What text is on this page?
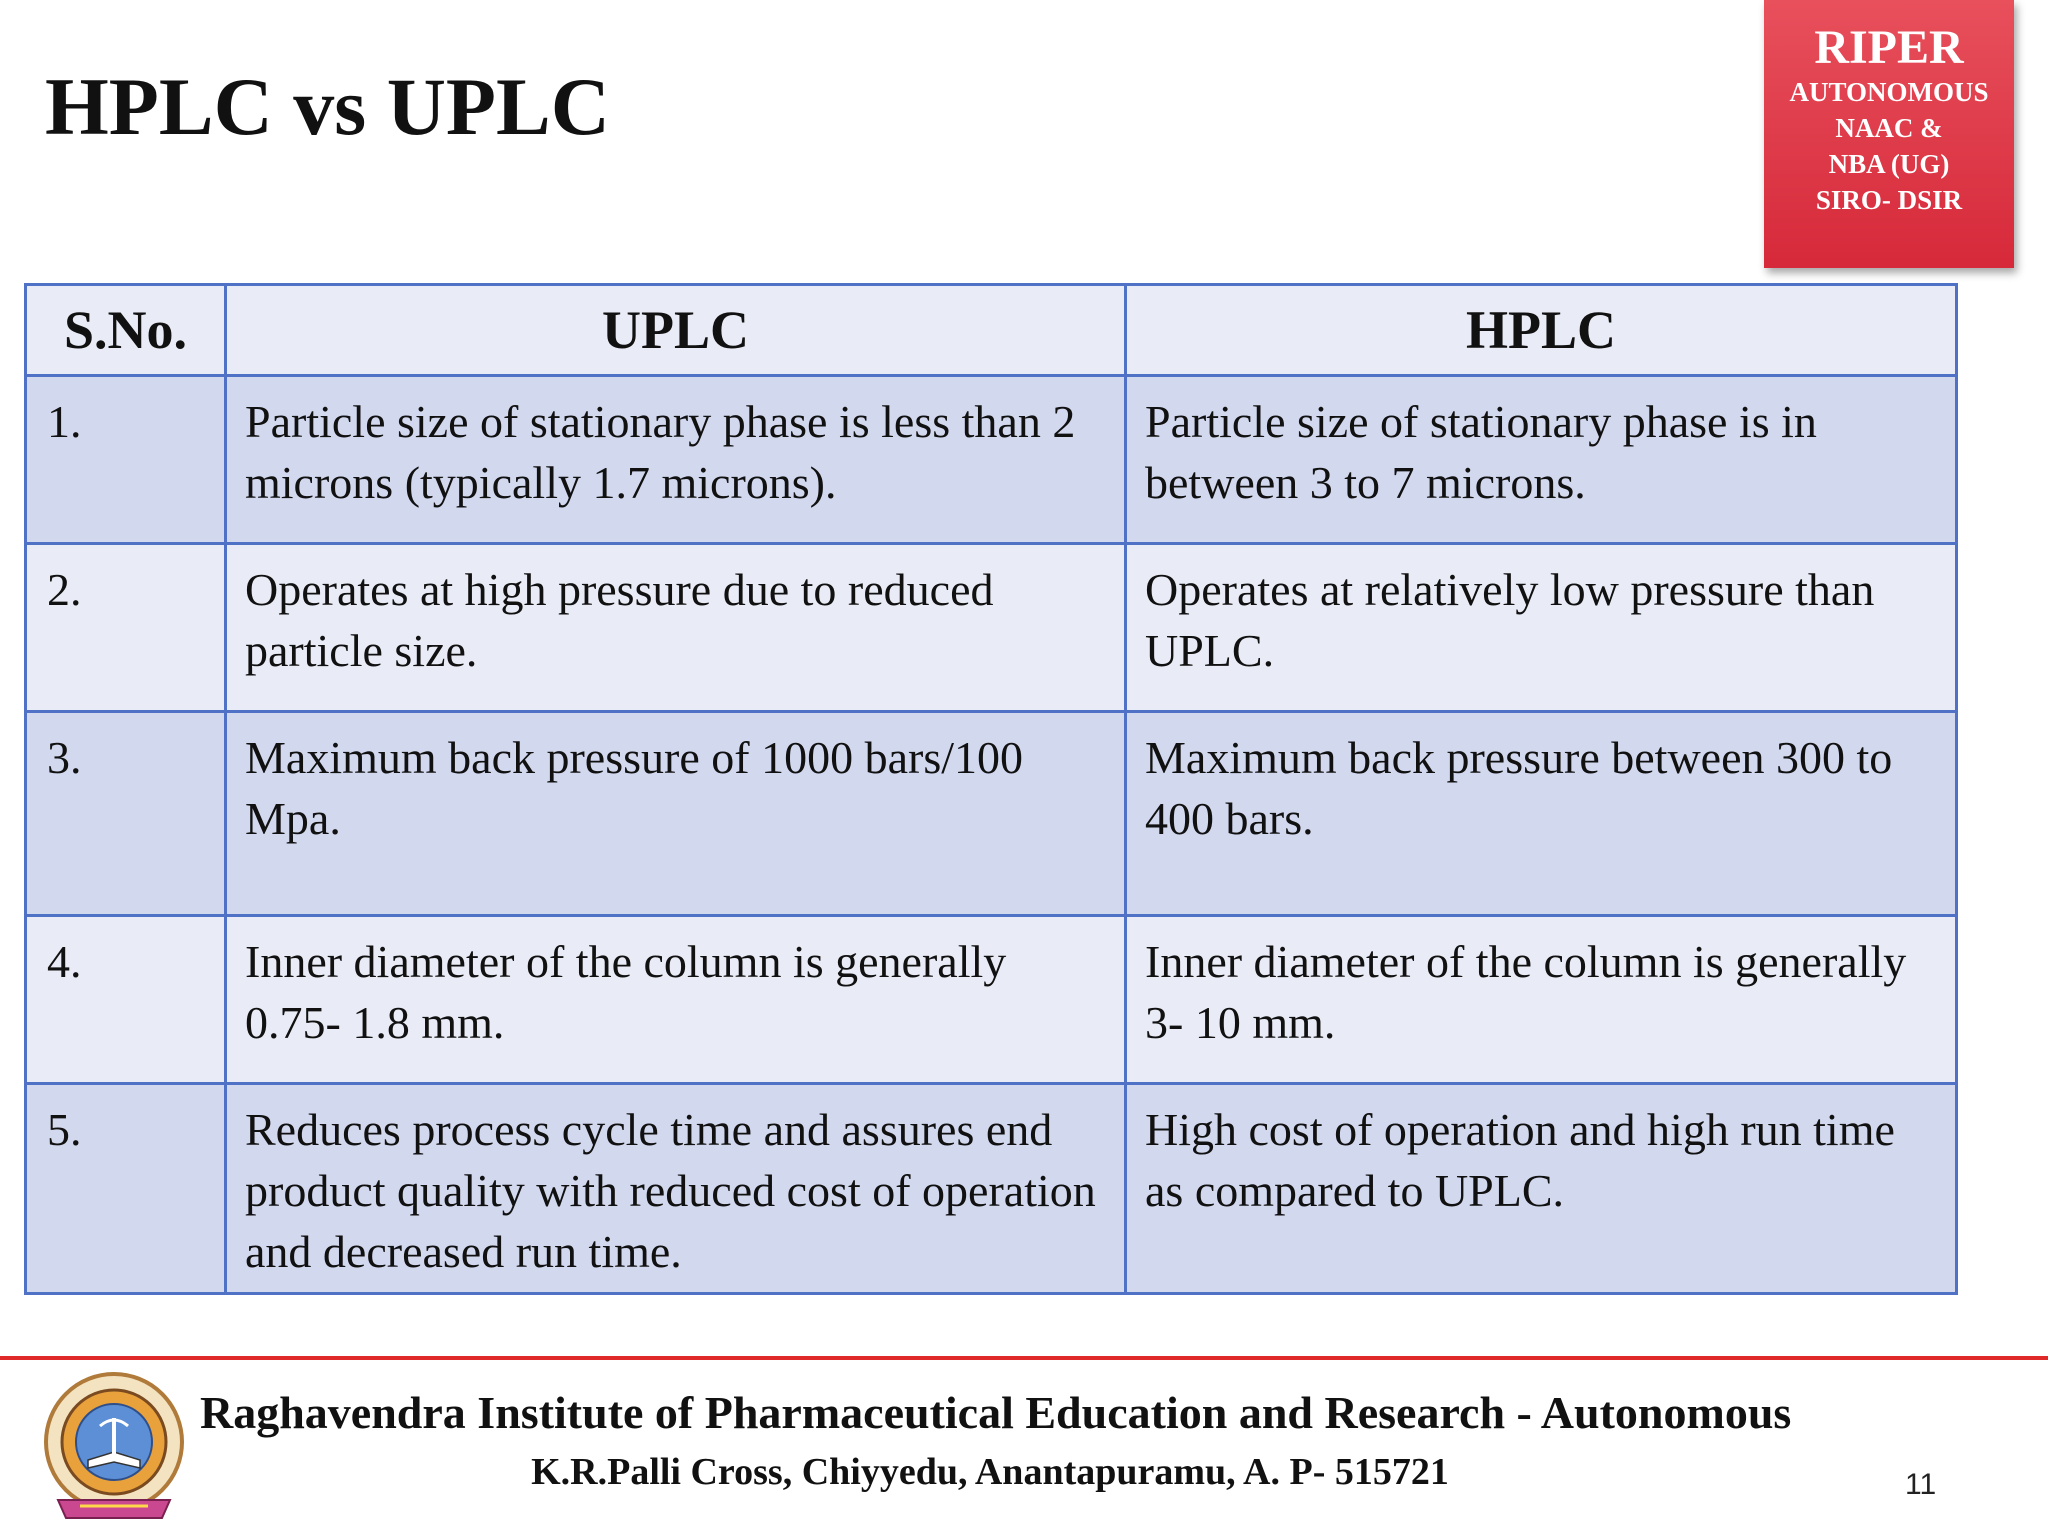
HPLC vs UPLC
RIPER
AUTONOMOUS
NAAC &
NBA (UG)
SIRO- DSIR
S.No.	UPLC	HPLC
1.	Particle size of stationary phase is less than 2 microns (typically 1.7 microns).	Particle size of stationary phase is in between 3 to 7 microns.
2.	Operates at high pressure due to reduced particle size.	Operates at relatively low pressure than UPLC.
3.	Maximum back pressure of 1000 bars/100 Mpa.	Maximum back pressure between 300 to 400 bars.
4.	Inner diameter of the column is generally 0.75- 1.8 mm.	Inner diameter of the column is generally 3- 10 mm.
5.	Reduces process cycle time and assures end product quality with reduced cost of operation and decreased run time.	High cost of operation and high run time as compared to UPLC.
Raghavendra Institute of Pharmaceutical Education and Research - Autonomous
K.R.Palli Cross, Chiyyedu, Anantapuramu, A. P- 515721	11
